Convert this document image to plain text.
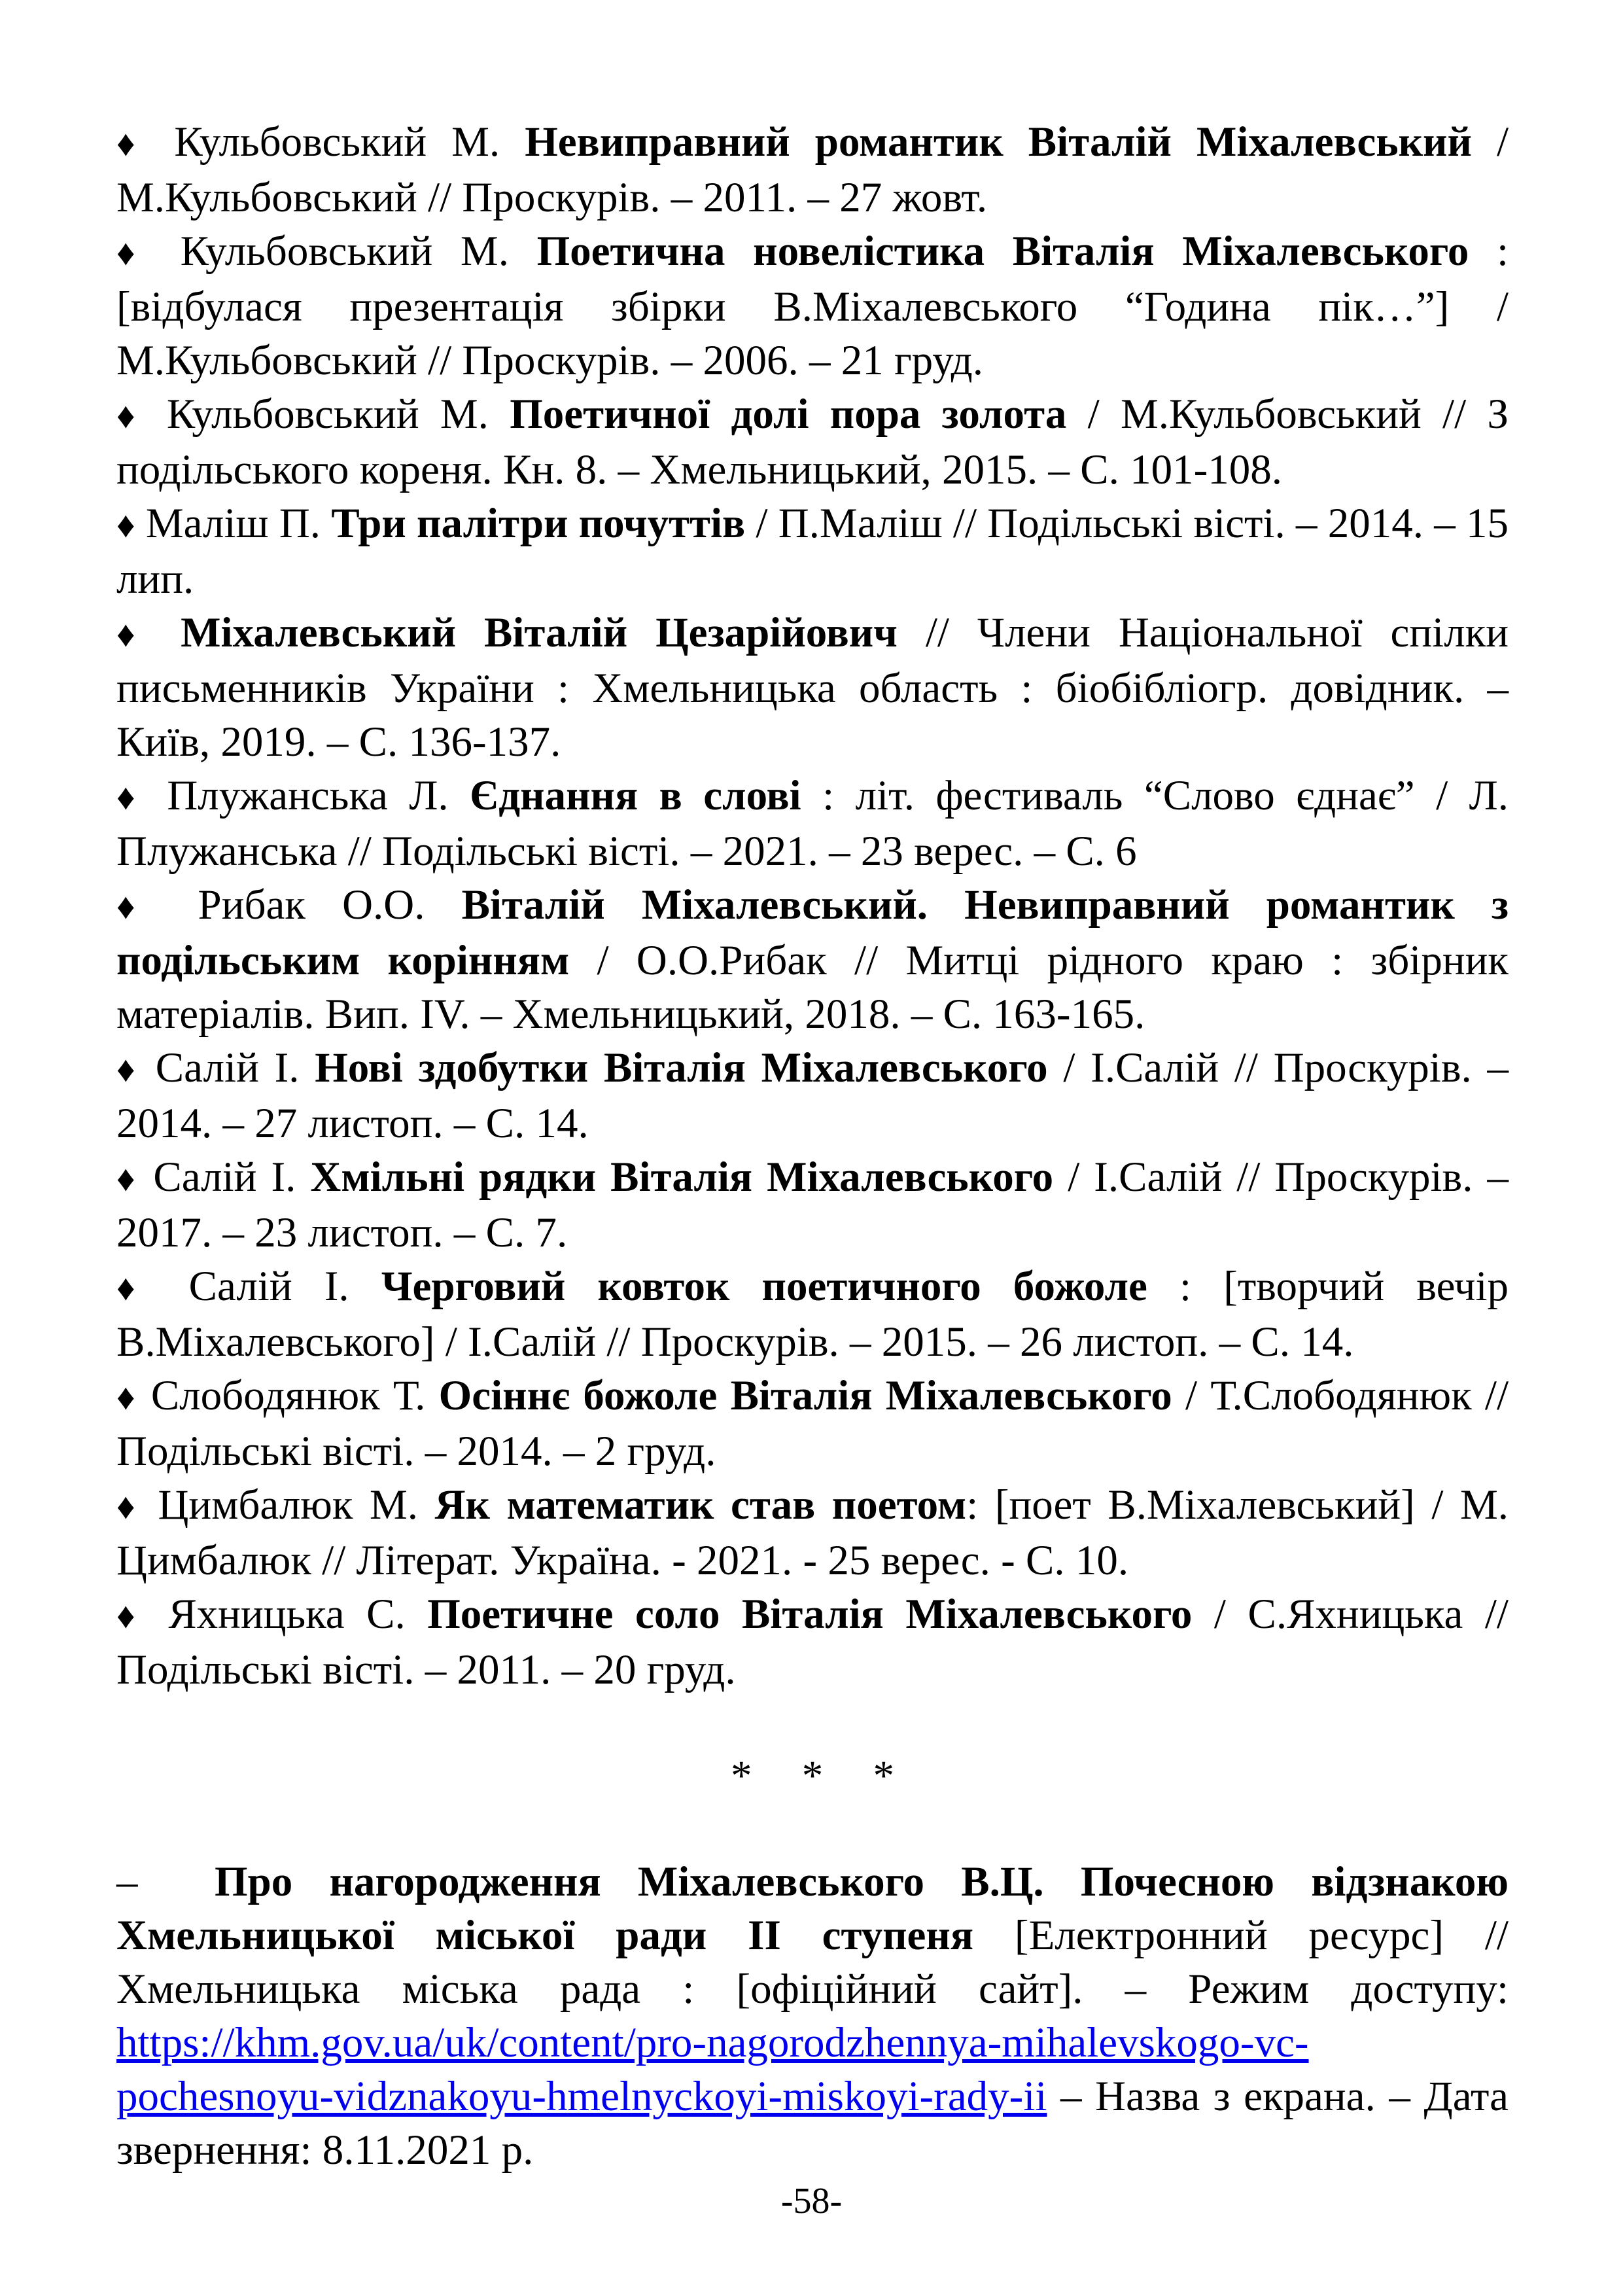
♦ Кульбовський М. Невиправний романтик Віталій Міхалевський / М.Кульбовський // Проскурів. – 2011. – 27 жовт.

♦ Кульбовський М. Поетична новелістика Віталія Міхалевського : [відбулася презентація збірки В.Міхалевського “Година пік…”] / М.Кульбовський // Проскурів. – 2006. – 21 груд.

♦ Кульбовський М. Поетичної долі пора золота / М.Кульбовський // З подільського кореня. Кн. 8. – Хмельницький, 2015. – С. 101-108.

♦ Маліш П. Три палітри почуттів / П.Маліш // Подільські вісті. – 2014. – 15 лип.

♦ Міхалевський Віталій Цезарійович // Члени Національної спілки письменників України : Хмельницька область : біобібліогр. довідник. – Київ, 2019. – С. 136-137.

♦ Плужанська Л. Єднання в слові : літ. фестиваль “Слово єднає” / Л. Плужанська // Подільські вісті. – 2021. – 23 верес. – С. 6

♦ Рибак О.О. Віталій Міхалевський. Невиправний романтик з подільським корінням / О.О.Рибак // Митці рідного краю : збірник матеріалів. Вип. IV. – Хмельницький, 2018. – С. 163-165.

♦ Салій І. Нові здобутки Віталія Міхалевського / І.Салій // Проскурів. – 2014. – 27 листоп. – С. 14.

♦ Салій І. Хмільні рядки Віталія Міхалевського / І.Салій // Проскурів. – 2017. – 23 листоп. – С. 7.

♦ Салій І. Черговий ковток поетичного божоле : [творчий вечір В.Міхалевського] / І.Салій // Проскурів. – 2015. – 26 листоп. – С. 14.

♦ Слободянюк Т. Осіннє божоле Віталія Міхалевського / Т.Слободянюк // Подільські вісті. – 2014. – 2 груд.

♦ Цимбалюк М. Як математик став поетом: [поет В.Міхалевський] / М. Цимбалюк // Літерат. Україна. - 2021. - 25 верес. - С. 10.

♦ Яхницька С. Поетичне соло Віталія Міхалевського / С.Яхницька // Подільські вісті. – 2011. – 20 груд.

* * *

– Про нагородження Міхалевського В.Ц. Почесною відзнакою Хмельницької міської ради ІІ ступеня [Електронний ресурс] // Хмельницька міська рада : [офіційний сайт]. – Режим доступу: https://khm.gov.ua/uk/content/pro-nagorodzhennya-mihalevskogo-vc-pochesnoyu-vidznakoyu-hmelnyckoyi-miskoyi-rady-ii – Назва з екрана. – Дата звернення: 8.11.2021 р.

-58-
